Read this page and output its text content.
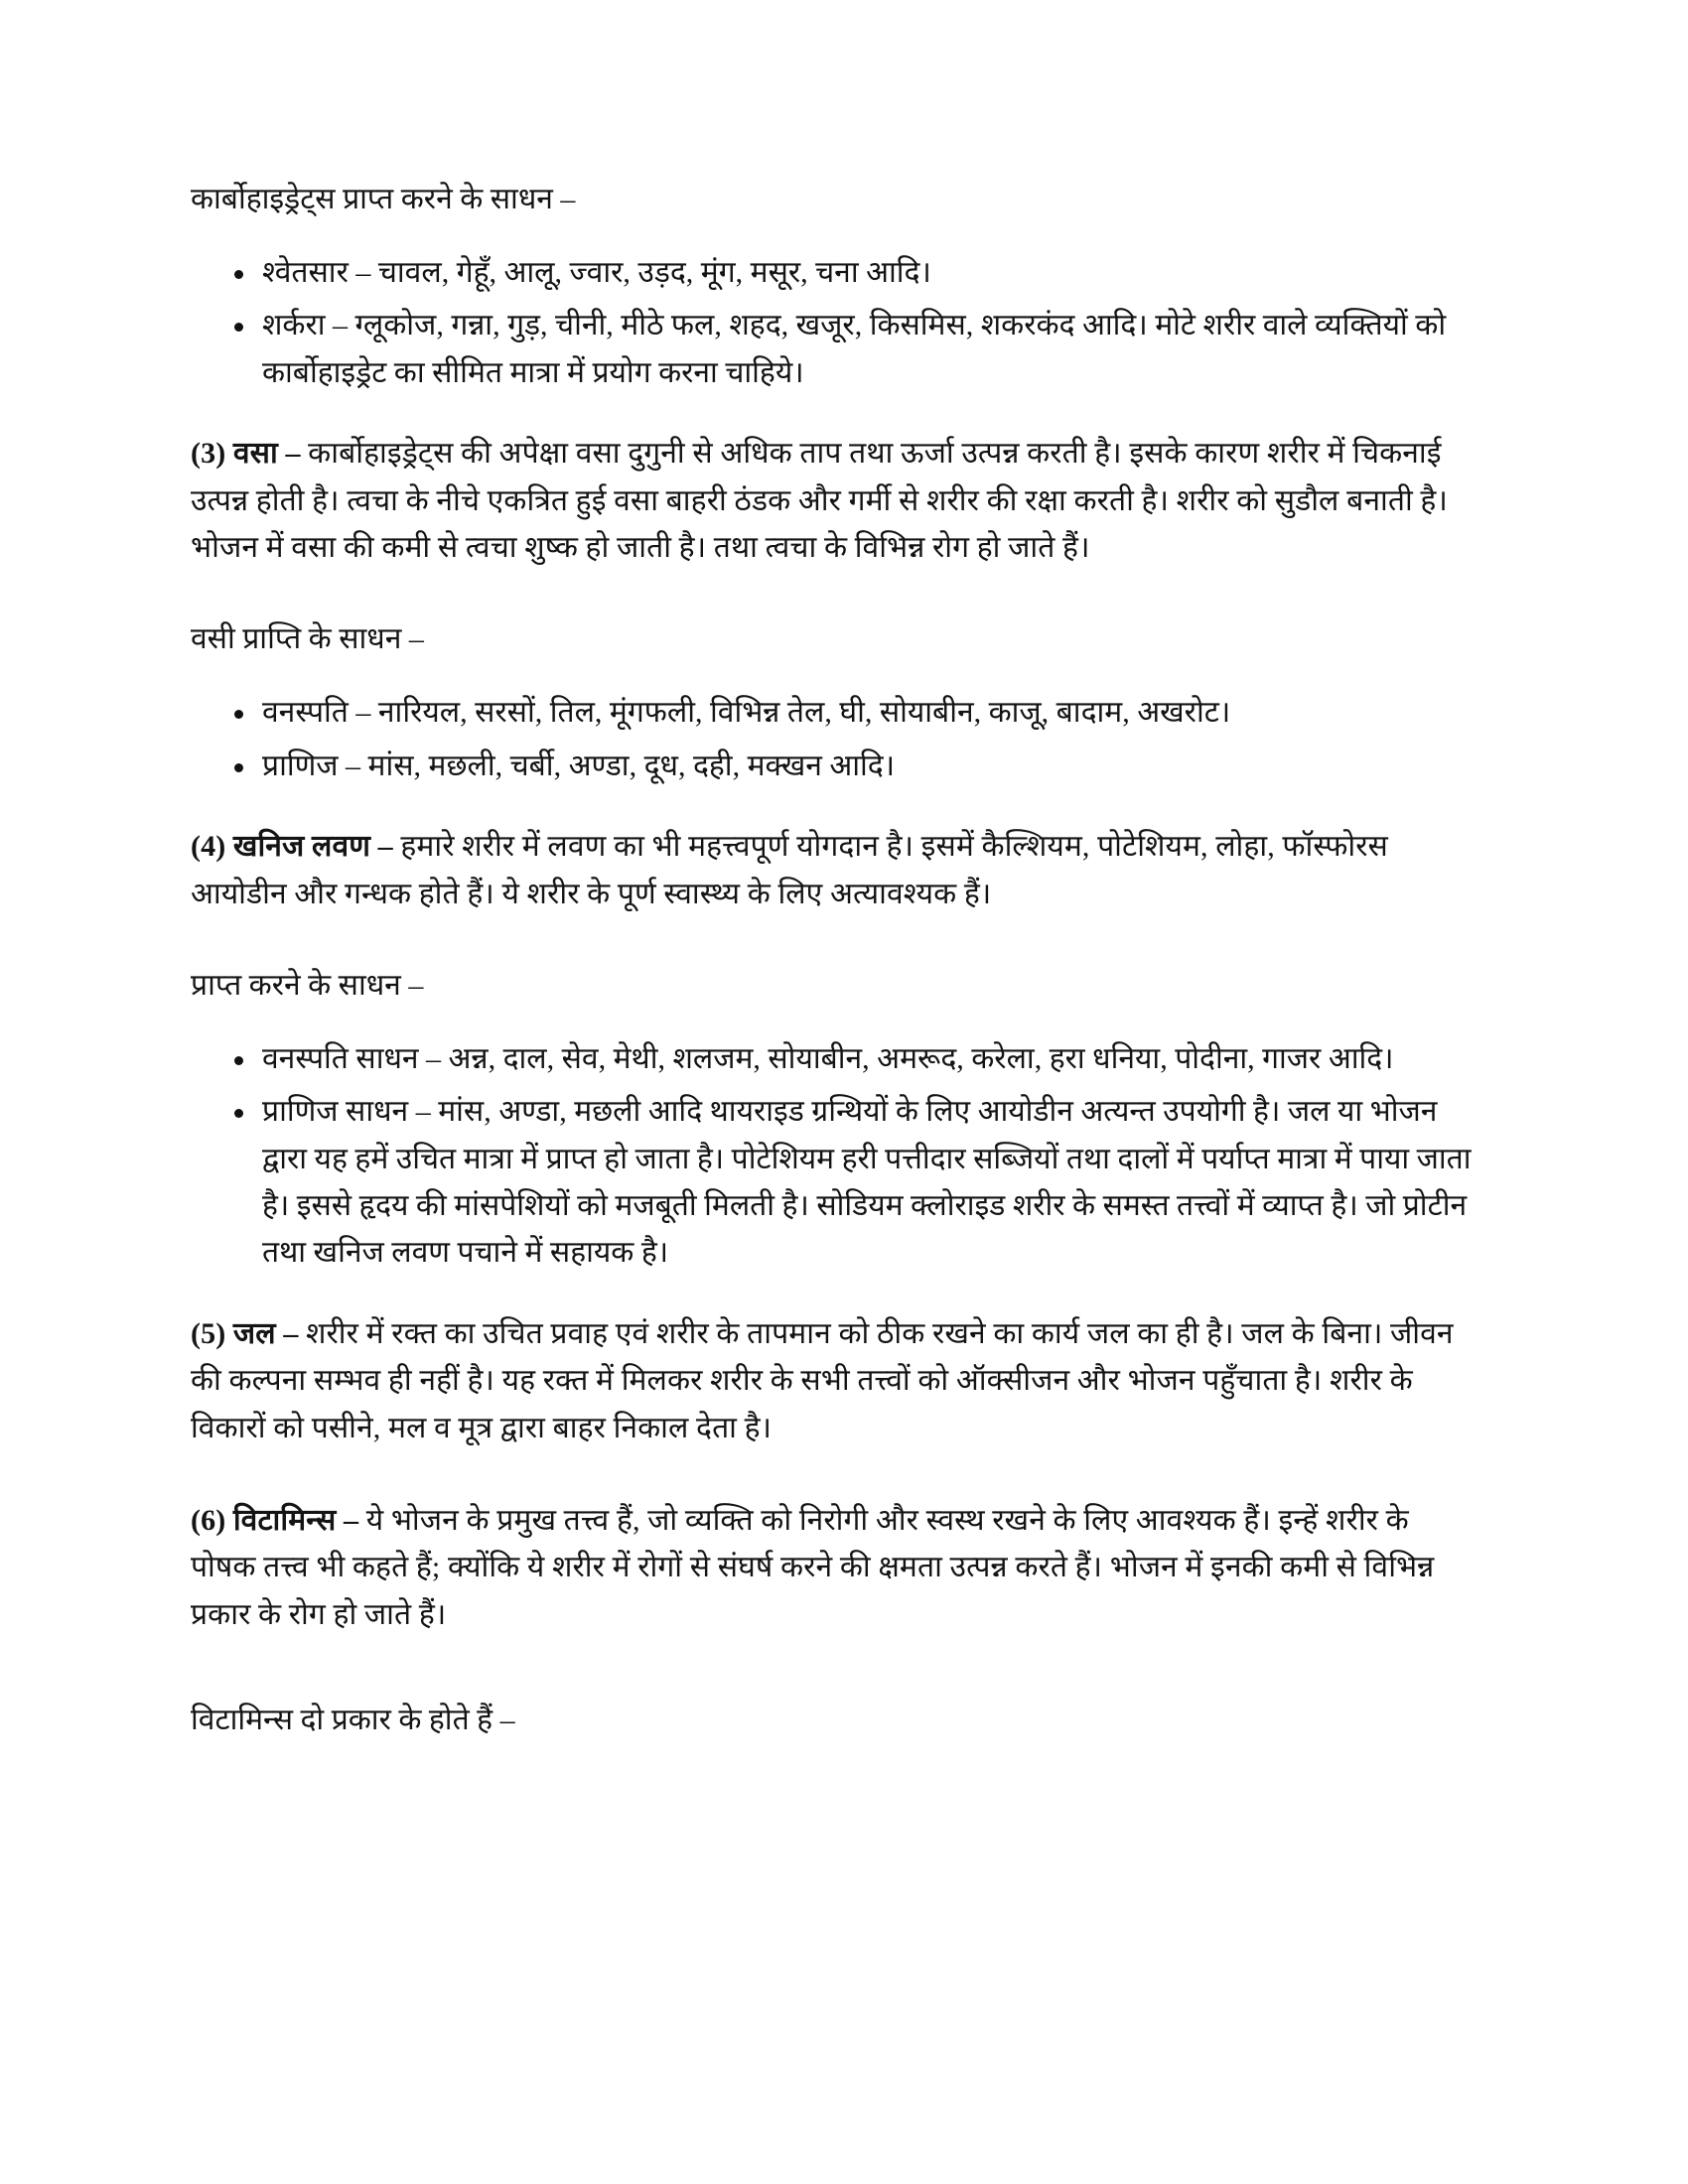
कार्बोहाइड्रेट्स प्राप्त करने के साधन –

श्वेतसार – चावल, गेहूँ, आलू, ज्वार, उड़द, मूंग, मसूर, चना आदि।
शर्करा – ग्लूकोज, गन्ना, गुड़, चीनी, मीठे फल, शहद, खजूर, किसमिस, शकरकंद आदि। मोटे शरीर वाले व्यक्तियों को कार्बोहाइड्रेट का सीमित मात्रा में प्रयोग करना चाहिये।

(3) वसा – कार्बोहाइड्रेट्स की अपेक्षा वसा दुगुनी से अधिक ताप तथा ऊर्जा उत्पन्न करती है। इसके कारण शरीर में चिकनाई उत्पन्न होती है। त्वचा के नीचे एकत्रित हुई वसा बाहरी ठंडक और गर्मी से शरीर की रक्षा करती है। शरीर को सुडौल बनाती है। भोजन में वसा की कमी से त्वचा शुष्क हो जाती है। तथा त्वचा के विभिन्न रोग हो जाते हैं।

वसी प्राप्ति के साधन –

वनस्पति – नारियल, सरसों, तिल, मूंगफली, विभिन्न तेल, घी, सोयाबीन, काजू, बादाम, अखरोट।
प्राणिज – मांस, मछली, चर्बी, अण्डा, दूध, दही, मक्खन आदि।

(4) खनिज लवण – हमारे शरीर में लवण का भी महत्त्वपूर्ण योगदान है। इसमें कैल्शियम, पोटेशियम, लोहा, फॉस्फोरस आयोडीन और गन्धक होते हैं। ये शरीर के पूर्ण स्वास्थ्य के लिए अत्यावश्यक हैं।

प्राप्त करने के साधन –

वनस्पति साधन – अन्न, दाल, सेव, मेथी, शलजम, सोयाबीन, अमरूद, करेला, हरा धनिया, पोदीना, गाजर आदि।
प्राणिज साधन – मांस, अण्डा, मछली आदि थायराइड ग्रन्थियों के लिए आयोडीन अत्यन्त उपयोगी है। जल या भोजन द्वारा यह हमें उचित मात्रा में प्राप्त हो जाता है। पोटेशियम हरी पत्तीदार सब्जियों तथा दालों में पर्याप्त मात्रा में पाया जाता है। इससे हृदय की मांसपेशियों को मजबूती मिलती है। सोडियम क्लोराइड शरीर के समस्त तत्त्वों में व्याप्त है। जो प्रोटीन तथा खनिज लवण पचाने में सहायक है।

(5) जल – शरीर में रक्त का उचित प्रवाह एवं शरीर के तापमान को ठीक रखने का कार्य जल का ही है। जल के बिना। जीवन की कल्पना सम्भव ही नहीं है। यह रक्त में मिलकर शरीर के सभी तत्त्वों को ऑक्सीजन और भोजन पहुँचाता है। शरीर के विकारों को पसीने, मल व मूत्र द्वारा बाहर निकाल देता है।

(6) विटामिन्स – ये भोजन के प्रमुख तत्त्व हैं, जो व्यक्ति को निरोगी और स्वस्थ रखने के लिए आवश्यक हैं। इन्हें शरीर के पोषक तत्त्व भी कहते हैं; क्योंकि ये शरीर में रोगों से संघर्ष करने की क्षमता उत्पन्न करते हैं। भोजन में इनकी कमी से विभिन्न प्रकार के रोग हो जाते हैं।

विटामिन्स दो प्रकार के होते हैं –
